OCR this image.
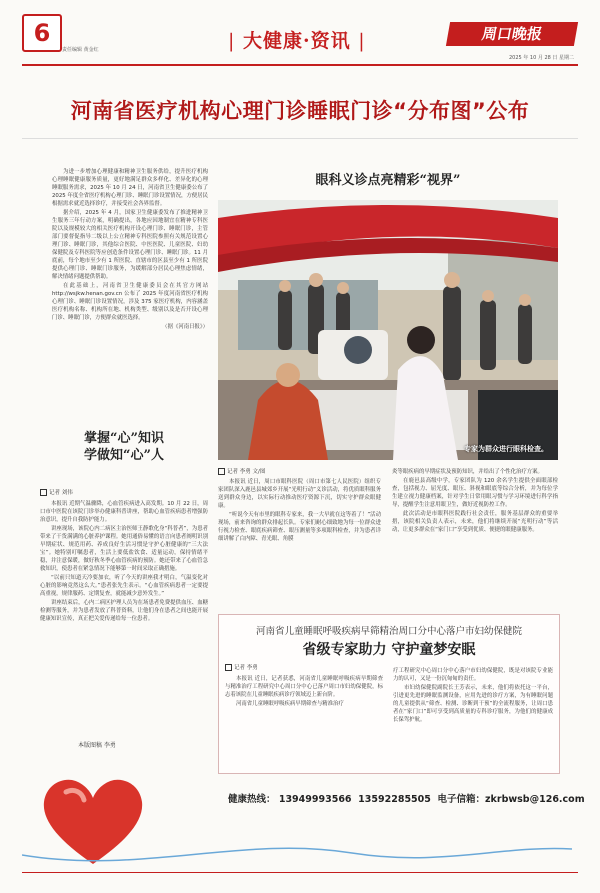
6
责任编辑 黄金红	| 大健康·资讯 |	周口晚报
2025 年 10 月 28 日 星期二
河南省医疗机构心理门诊睡眠门诊“分布图”公布

为进一步增加心理健康和精神卫生服务供给，提升医疗机构心理睡眠健康服务质量，更好地满足群众多样化、差异化的心理睡眠服务需求，2025 年 10 月 24 日，河南省卫生健康委公布了 2025 年度全省医疗机构心理门诊、睡眠门诊设置情况，方便居民根据需求就近选择诊疗，并接受社会各界监督。

据介绍，2025 年 4 月，国家卫生健康委发布了推进精神卫生服务三年行动方案，明确提出，各地应因地制宜在精神专科医院以及规模较大的相关医疗机构开设心理门诊、睡眠门诊，主管部门要督促指导二级以上公立精神专科医院参照有关规范设置心理门诊、睡眠门诊，其他综合医院、中医医院、儿童医院、妇幼保健院及专科医院等应创造条件设置心理门诊、睡眠门诊。11 月底前，每个地市至少有 1 所医院、直辖市的区县至少有 1 所医院提供心理门诊、睡眠门诊服务，为缓解部分居民心理焦虑情绪，解决情绪问题提供帮助。

在此基础上，河南省卫生健康委员会在其官方网站 http://wsjkw.henan.gov.cn 公布了 2025 年度河南省医疗机构心理门诊、睡眠门诊设置情况，涉及 375 家医疗机构，内容涵盖医疗机构名称、机构所在地、机构类型、级别以及是否开设心理门诊、睡眠门诊，方便群众就医选择。

（据《河南日报》）

掌握“心”知识
学做知“心”人
记者 刘伟

本报讯 近期气温骤降，心血管疾病进入高发期。10 月 22 日，周口市中医院在该院门诊举办健康科普讲座，帮助心血管疾病患者增强防治意识，提升自我防护能力。

讲座现场，该院心内二病区主治医师王静歌化身“科普者”，为患者带来了干货满满的心脏养护课程。她用通俗易懂的语言向患者阐明识别早期症状、规范用药、养成良好生活习惯是守护心脏健康的“三大法宝”。她特别叮嘱患者，生活上要低盐饮食、适量运动，保持情绪平稳，并注意保暖，做好秋冬季心血管疾病的预防。她还带来了心血管急救知识，使患者在紧急情况下能够第一时间采取正确措施。

“以前只知道天冷要加衣，听了今天的讲座我才明白，气温变化对心脏的影响竟然这么大。”患者张先生表示。“心血管疾病患者一定要提高重视，规律服药、定期复查，就能减少意外发生。”

讲座结束后，心内二病区护理人员为在场患者免费提供血压、血糖检测等服务，并为患者发放了科普资料，让他们身在患者之间也能开展健康知识宣传，真正把关爱传递给每一位患者。

本版图稿 李勇
眼科义诊点亮精彩“视界”
专家为群众进行眼科检查。
记者 李勇 文/图

本报讯 近日，周口市眼科医院（周口市第七人民医院）组织专家团队深入鹿邑县城郊乡开展“光明行动”义诊活动，将优质眼科服务送到群众身边，以实际行动推动医疗资源下沉，切实守护群众眼健康。

“听说今天有市里的眼科专家来，我一大早就在这等着了！”活动现场，前来咨询的群众排起长队。专家们耐心细致地为每一位群众进行视力检查、眼底疾病筛查、眼压测量等多项眼科检查，并为患者详细讲解了白内障、青光眼、角膜

炎等眼疾病的早期症状及预防知识，并给出了个性化治疗方案。

在鹿邑县高级中学，专家团队为 120 余名学生提供全面眼部检查，包括视力、屈光度、眼压、斜视和眼底等综合分析，并为每位学生建立视力健康档案，针对学生日常用眼习惯与学习环境进行科学指导，提醒学生注意用眼卫生，做好近视防控工作。

此次活动是市眼科医院践行社会责任，服务基层群众的重要举措，该院相关负责人表示，未来，他们将继续开展“光明行动”等活动，让更多群众在“家门口”享受到优质、便捷的眼健康服务。

河南省儿童睡眠呼吸疾病早筛精治周口分中心落户市妇幼保健院
省级专家助力 守护童梦安眠
记者 李勇

本报讯 近日，记者获悉，河南省儿童睡眠呼吸疾病早期筛查与精准治疗工程研究中心周口分中心已落户周口市妇幼保健院，标志着该院在儿童睡眠疾病诊疗领域迈上新台阶。

河南省儿童睡眠呼吸疾病早期筛查与精准治疗

疗工程研究中心周口分中心落户市妇幼保健院，既是对该院专业能力的认可，又是一份沉甸甸的责任。

市妇幼保健院副院长王芳表示，未来，他们将依托这一平台，引进更先进的睡眠监测设备，应用先进的诊疗方案，为有睡眠问题的儿童提供从“筛查、检测、诊断到干预”的全流程服务，让周口患者在“家门口”即可享受到高质量的专科诊疗服务，为他们的健康成长保驾护航。

健康热线： 13949993566 13592285505 电子信箱：zkrbwsb@126.com
